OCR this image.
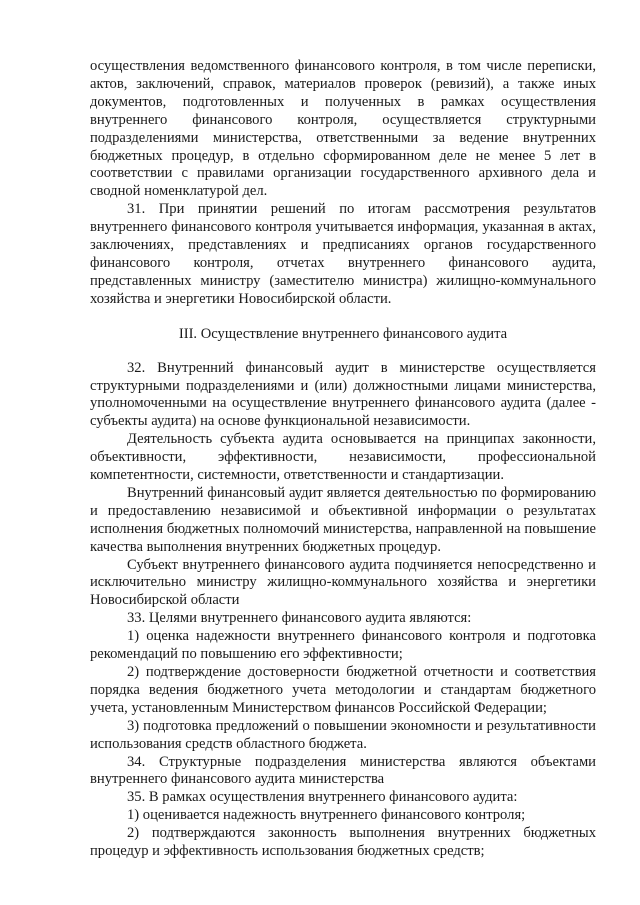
осуществления ведомственного финансового контроля, в том числе переписки, актов, заключений, справок, материалов проверок (ревизий), а также иных документов, подготовленных и полученных в рамках осуществления внутреннего финансового контроля, осуществляется структурными подразделениями министерства, ответственными за ведение внутренних бюджетных процедур, в отдельно сформированном деле не менее 5 лет в соответствии с правилами организации государственного архивного дела и сводной номенклатурой дел.

31. При принятии решений по итогам рассмотрения результатов внутреннего финансового контроля учитывается информация, указанная в актах, заключениях, представлениях и предписаниях органов государственного финансового контроля, отчетах внутреннего финансового аудита, представленных министру (заместителю министра) жилищно-коммунального хозяйства и энергетики Новосибирской области.

III. Осуществление внутреннего финансового аудита

32. Внутренний финансовый аудит в министерстве осуществляется структурными подразделениями и (или) должностными лицами министерства, уполномоченными на осуществление внутреннего финансового аудита (далее - субъекты аудита) на основе функциональной независимости.

Деятельность субъекта аудита основывается на принципах законности, объективности, эффективности, независимости, профессиональной компетентности, системности, ответственности и стандартизации.

Внутренний финансовый аудит является деятельностью по формированию и предоставлению независимой и объективной информации о результатах исполнения бюджетных полномочий министерства, направленной на повышение качества выполнения внутренних бюджетных процедур.

Субъект внутреннего финансового аудита подчиняется непосредственно и исключительно министру жилищно-коммунального хозяйства и энергетики Новосибирской области

33. Целями внутреннего финансового аудита являются:

1) оценка надежности внутреннего финансового контроля и подготовка рекомендаций по повышению его эффективности;

2) подтверждение достоверности бюджетной отчетности и соответствия порядка ведения бюджетного учета методологии и стандартам бюджетного учета, установленным Министерством финансов Российской Федерации;

3) подготовка предложений о повышении экономности и результативности использования средств областного бюджета.

34. Структурные подразделения министерства являются объектами внутреннего финансового аудита министерства

35. В рамках осуществления внутреннего финансового аудита:

1) оценивается надежность внутреннего финансового контроля;

2) подтверждаются законность выполнения внутренних бюджетных процедур и эффективность использования бюджетных средств;
